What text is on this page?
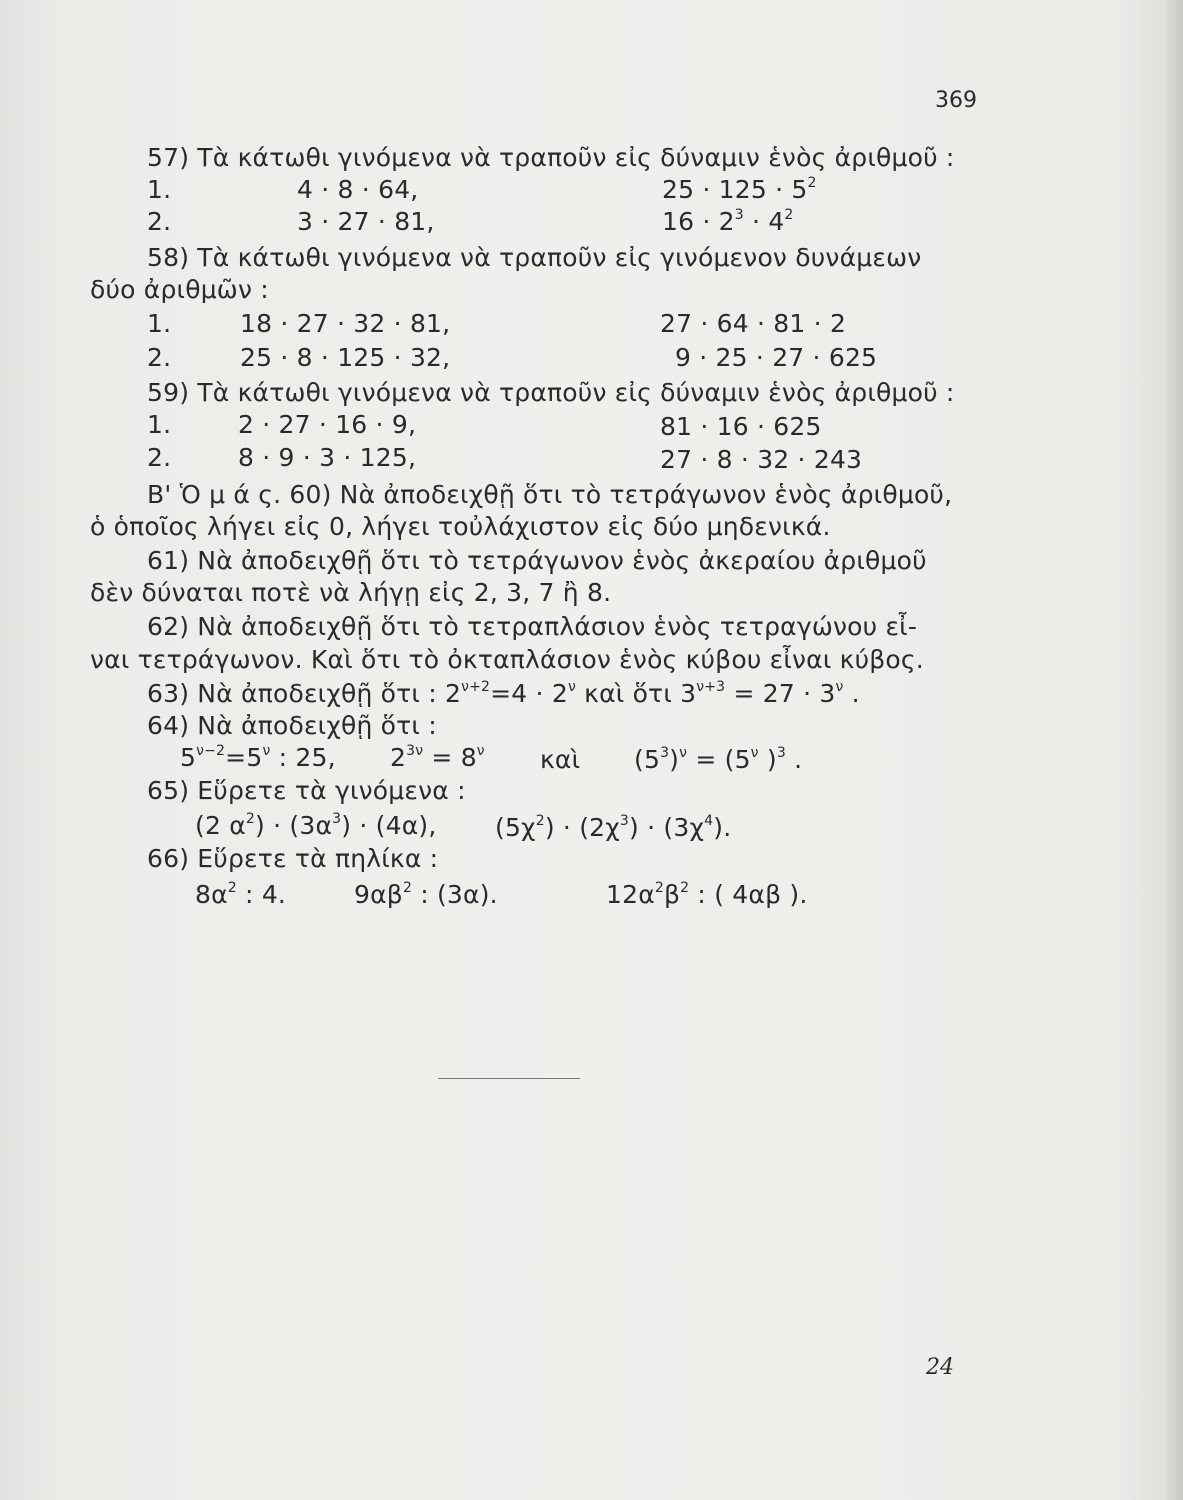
369
57) Τὰ κάτωθι γινόμενα νὰ τραποῦν εἰς δύναμιν ἑνὸς ἀριθμοῦ :
1.	4 · 8 · 64,	$25 \cdot 125 \cdot 5^2$
2.	3 · 27 · 81,	$16 \cdot 2^3 \cdot 4^2$
58) Τὰ κάτωθι γινόμενα νὰ τραποῦν εἰς γινόμενον δυνάμεων
δύο ἀριθμῶν :
1.	18 · 27 · 32 · 81,	27 · 64 · 81 · 2
2.	25 · 8 · 125 · 32,	9 · 25 · 27 · 625
59) Τὰ κάτωθι γινόμενα νὰ τραποῦν εἰς δύναμιν ἑνὸς ἀριθμοῦ :
1.	2 · 27 · 16 · 9,	81 · 16 · 625
2.	8 · 9 · 3 · 125,	27 · 8 · 32 · 243
Β' Ὁ μ ά ς. 60) Νὰ ἀποδειχθῇ ὅτι τὸ τετράγωνον ἑνὸς ἀριθμοῦ,
ὁ ὁποῖος λήγει εἰς 0, λήγει τοὐλάχιστον εἰς δύο μηδενικά.
61) Νὰ ἀποδειχθῇ ὅτι τὸ τετράγωνον ἑνὸς ἀκεραίου ἀριθμοῦ
δὲν δύναται ποτὲ νὰ λήγῃ εἰς 2, 3, 7 ἢ 8.
62) Νὰ ἀποδειχθῇ ὅτι τὸ τετραπλάσιον ἑνὸς τετραγώνου εἶ-
ναι τετράγωνον. Καὶ ὅτι τὸ ὀκταπλάσιον ἑνὸς κύβου εἶναι κύβος.
63) Νὰ ἀποδειχθῇ ὅτι : $2^{\nu+2}=4 \cdot 2^\nu$ καὶ ὅτι $3^{\nu+3} = 27 \cdot 3^\nu$ .
64) Νὰ ἀποδειχθῇ ὅτι :
$5^{\nu-2}=5^\nu$ : 25, $2^{3\nu} = 8^\nu$ καὶ $(5^3)^\nu = (5^\nu$ )$^3$ .
65) Εὕρετε τὰ γινόμενα :
(2 $\alpha^2) \cdot (3\alpha^3) \cdot (4\alpha)$, $(5\chi^2) \cdot (2\chi^3) \cdot (3\chi^4)$.
66) Εὕρετε τὰ πηλίκα :
$8\alpha^2$ : 4.	$9\alpha\beta^2$ : (3α).	$12\alpha^2\beta^2$ : ( 4αβ ).
24
